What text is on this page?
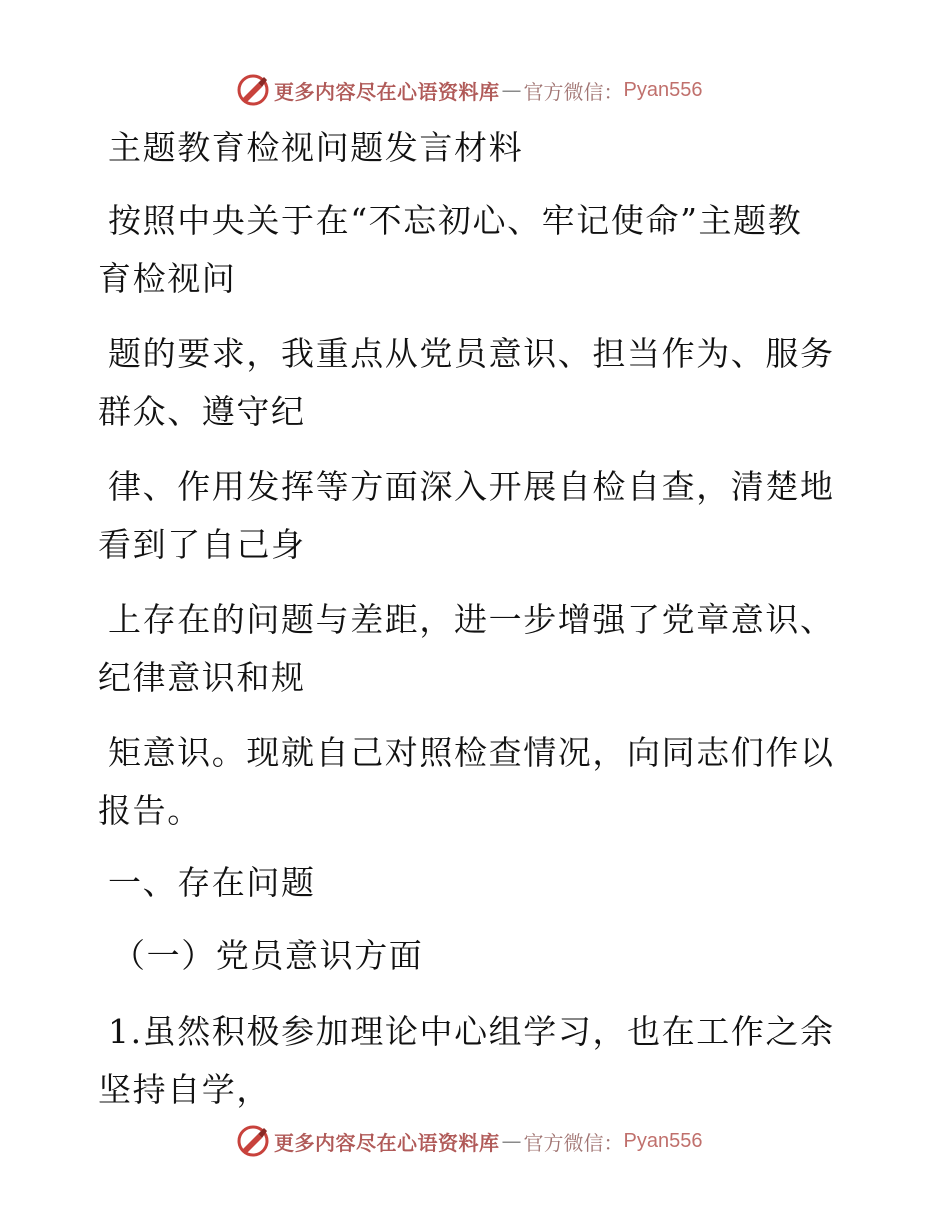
更多内容尽在心语资料库 — 官方微信： Pyan556
主题教育检视问题发言材料
按照中央关于在“不忘初心、牢记使命”主题教
育检视问
题的要求，我重点从党员意识、担当作为、服务
群众、遵守纪
律、作用发挥等方面深入开展自检自查，清楚地
看到了自己身
上存在的问题与差距，进一步增强了党章意识、
纪律意识和规
矩意识。现就自己对照检查情况，向同志们作以
报告。
一、存在问题
（一）党员意识方面
1.虽然积极参加理论中心组学习，也在工作之余
坚持自学，
更多内容尽在心语资料库 — 官方微信： Pyan556
